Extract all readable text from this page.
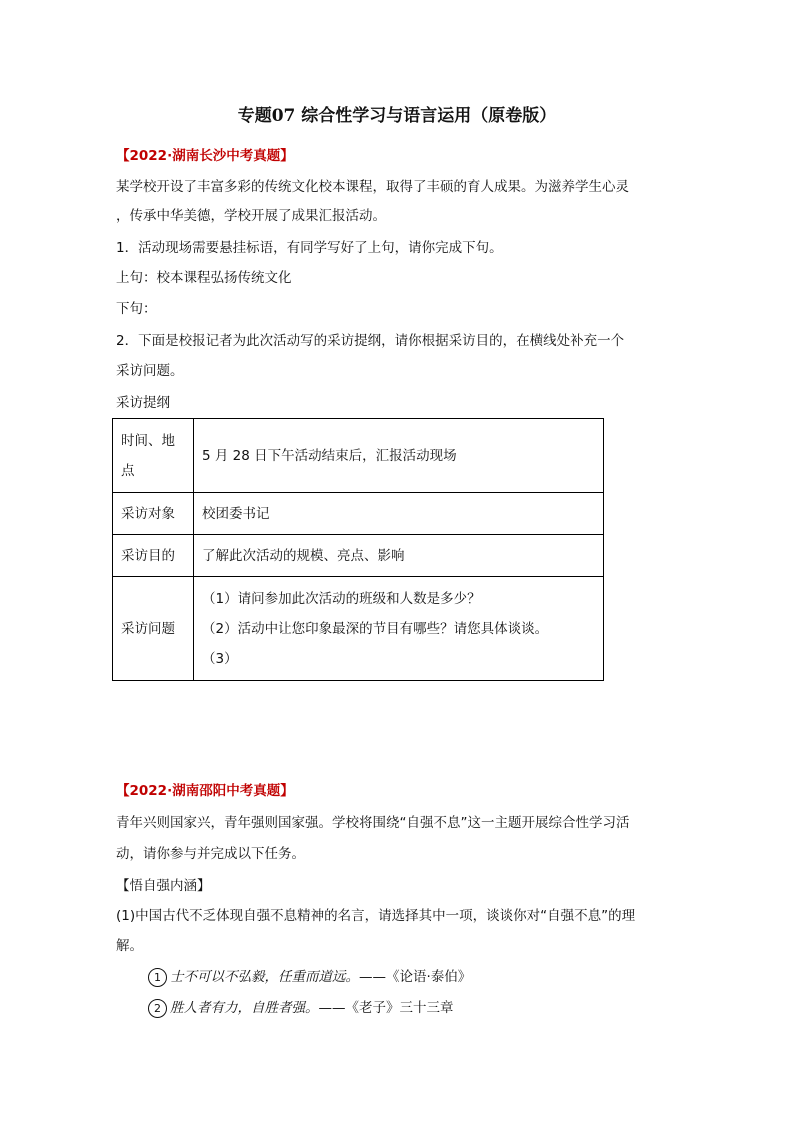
专题07 综合性学习与语言运用（原卷版）
【2022·湖南长沙中考真题】
某学校开设了丰富多彩的传统文化校本课程，取得了丰硕的育人成果。为滋养学生心灵
，传承中华美德，学校开展了成果汇报活动。
1．活动现场需要悬挂标语，有同学写好了上句，请你完成下句。
上句：校本课程弘扬传统文化
下句：
2．下面是校报记者为此次活动写的采访提纲，请你根据采访目的，在横线处补充一个
采访问题。
采访提纲
时间、地
点	5 月 28 日下午活动结束后，汇报活动现场
采访对象	校团委书记
采访目的	了解此次活动的规模、亮点、影响
采访问题	（1）请问参加此次活动的班级和人数是多少？
（2）活动中让您印象最深的节目有哪些？请您具体谈谈。
（3）
【2022·湖南邵阳中考真题】
青年兴则国家兴，青年强则国家强。学校将围绕“自强不息”这一主题开展综合性学习活
动，请你参与并完成以下任务。
【悟自强内涵】
(1)中国古代不乏体现自强不息精神的名言，请选择其中一项，谈谈你对“自强不息”的理
解。
1 士不可以不弘毅，任重而道远。——《论语·泰伯》
2 胜人者有力，自胜者强。——《老子》三十三章
